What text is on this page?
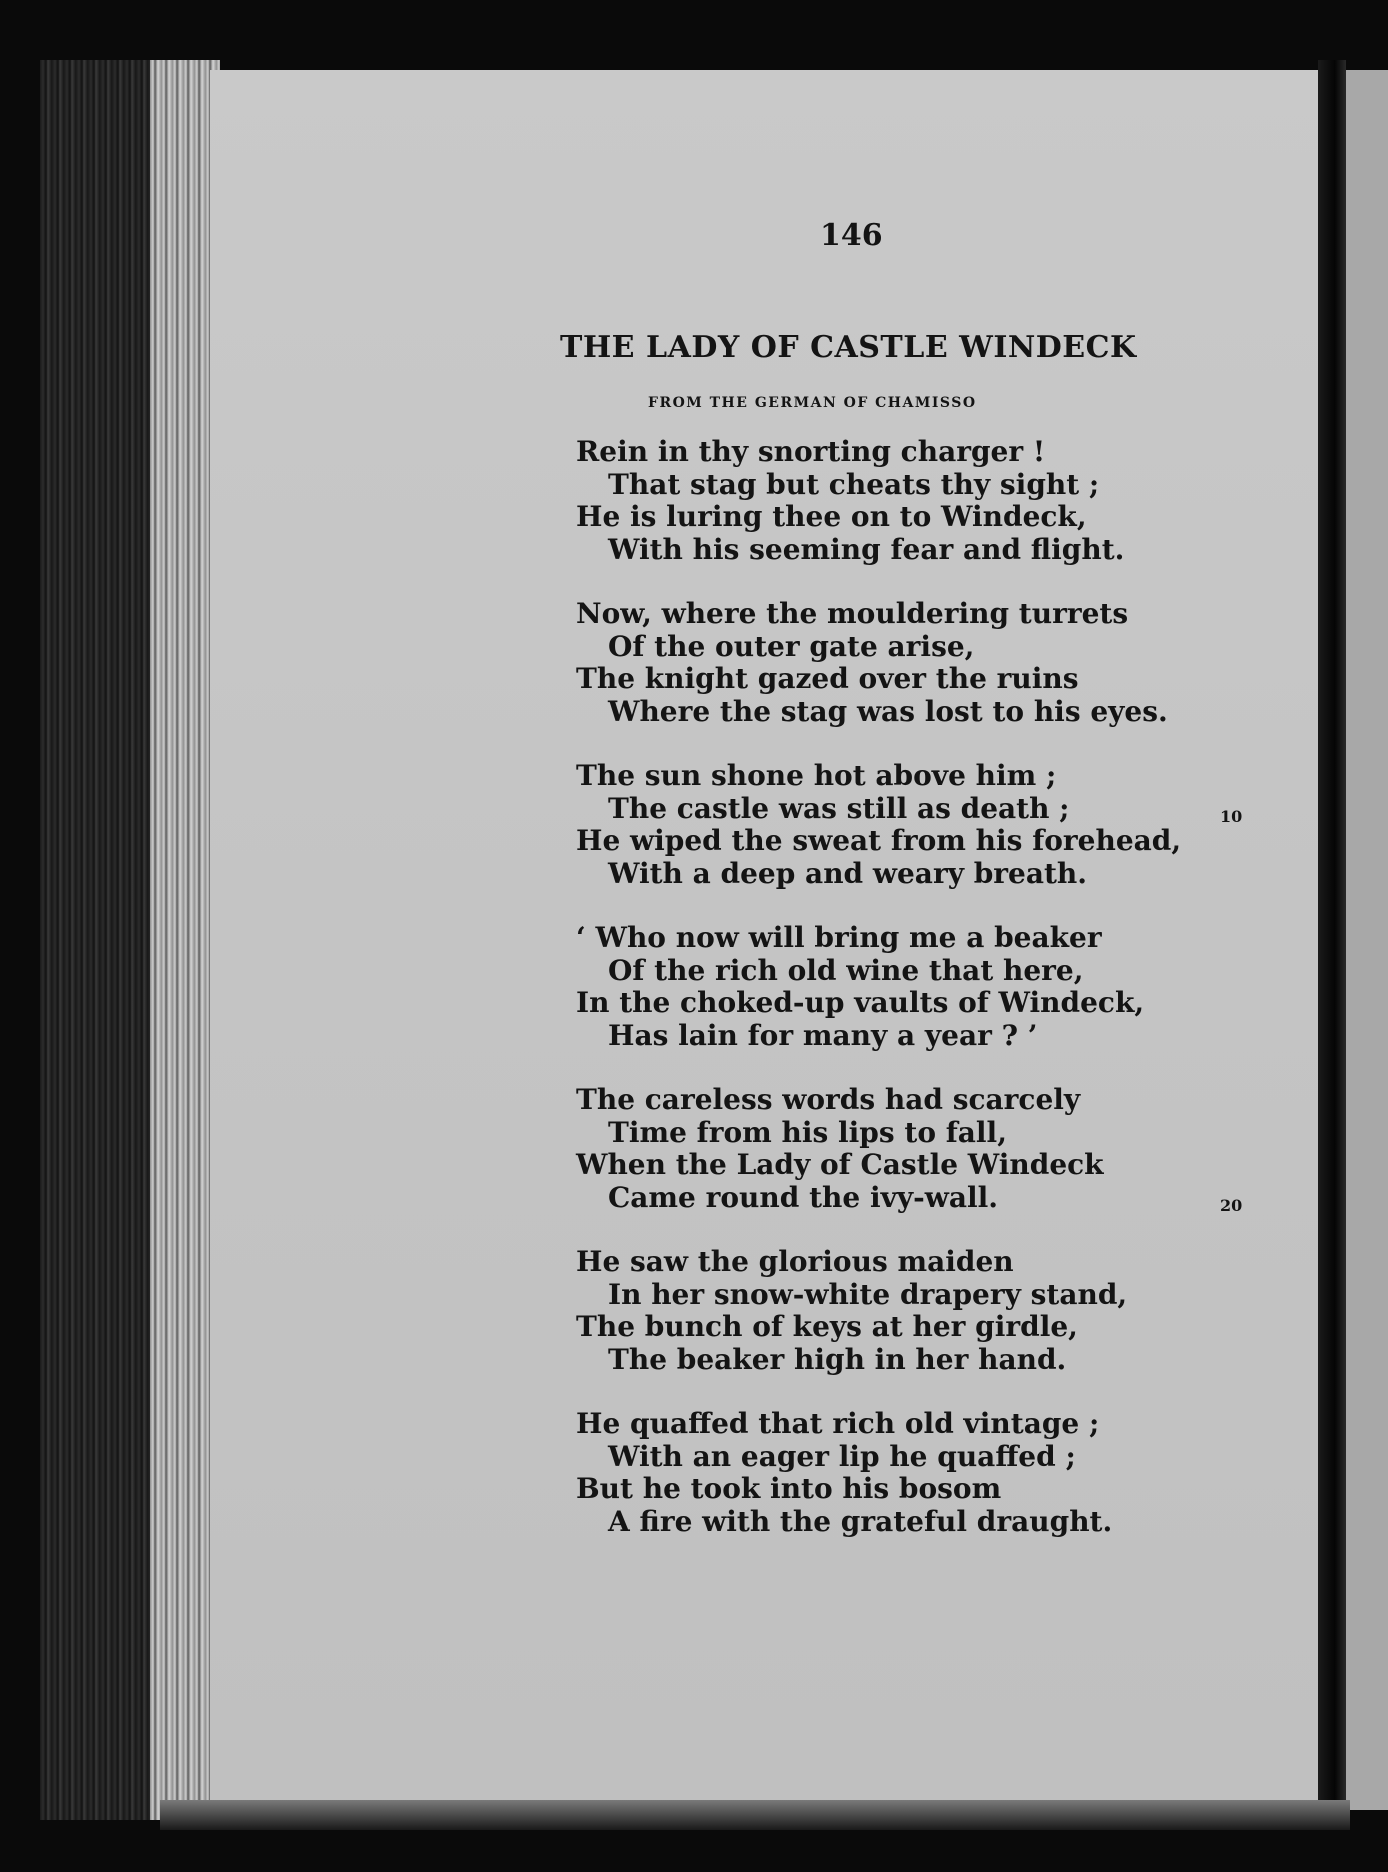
146
THE LADY OF CASTLE WINDECK
FROM THE GERMAN OF CHAMISSO
Rein in thy snorting charger !
That stag but cheats thy sight ;
He is luring thee on to Windeck,
With his seeming fear and flight.
Now, where the mouldering turrets
Of the outer gate arise,
The knight gazed over the ruins
Where the stag was lost to his eyes.
The sun shone hot above him ;
The castle was still as death ;	10
He wiped the sweat from his forehead,
With a deep and weary breath.
‘ Who now will bring me a beaker
Of the rich old wine that here,
In the choked-up vaults of Windeck,
Has lain for many a year ? ’
The careless words had scarcely
Time from his lips to fall,
When the Lady of Castle Windeck
Came round the ivy-wall.	20
He saw the glorious maiden
In her snow-white drapery stand,
The bunch of keys at her girdle,
The beaker high in her hand.
He quaffed that rich old vintage ;
With an eager lip he quaffed ;
But he took into his bosom
A fire with the grateful draught.
